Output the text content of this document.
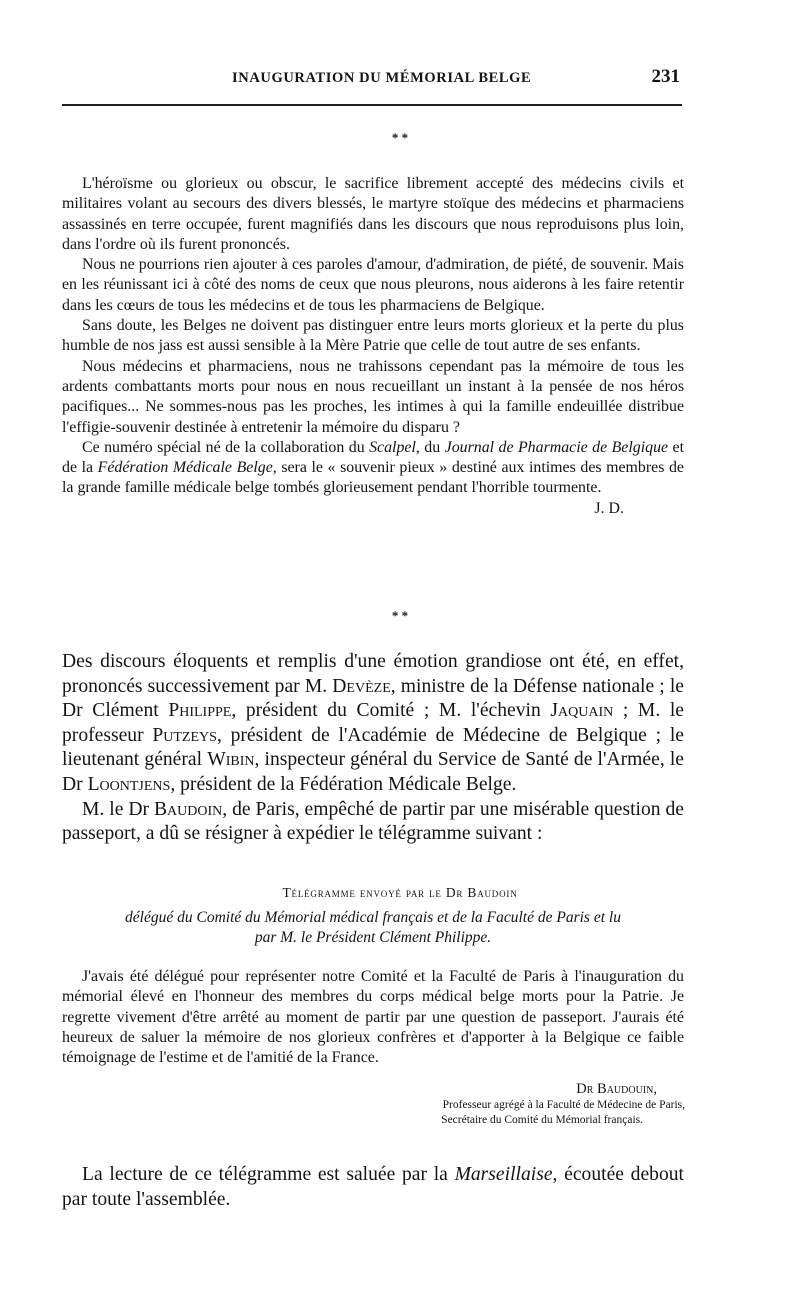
INAUGURATION DU MÉMORIAL BELGE	231
* *

L'héroïsme ou glorieux ou obscur, le sacrifice librement accepté des médecins civils et militaires volant au secours des divers blessés, le martyre stoïque des médecins et pharmaciens assassinés en terre occupée, furent magnifiés dans les discours que nous reproduisons plus loin, dans l'ordre où ils furent prononcés.

Nous ne pourrions rien ajouter à ces paroles d'amour, d'admiration, de piété, de souvenir. Mais en les réunissant ici à côté des noms de ceux que nous pleurons, nous aiderons à les faire retentir dans les cœurs de tous les médecins et de tous les pharmaciens de Belgique.

Sans doute, les Belges ne doivent pas distinguer entre leurs morts glorieux et la perte du plus humble de nos jass est aussi sensible à la Mère Patrie que celle de tout autre de ses enfants.

Nous médecins et pharmaciens, nous ne trahissons cependant pas la mémoire de tous les ardents combattants morts pour nous en nous recueillant un instant à la pensée de nos héros pacifiques... Ne sommes-nous pas les proches, les intimes à qui la famille endeuillée distribue l'effigie-souvenir destinée à entretenir la mémoire du disparu ?

Ce numéro spécial né de la collaboration du Scalpel, du Journal de Pharmacie de Belgique et de la Fédération Médicale Belge, sera le « souvenir pieux » destiné aux intimes des membres de la grande famille médicale belge tombés glorieusement pendant l'horrible tourmente.
J. D.

* *

Des discours éloquents et remplis d'une émotion grandiose ont été, en effet, prononcés successivement par M. Devèze, ministre de la Défense nationale ; le Dr Clément Philippe, président du Comité ; M. l'échevin Jaquain ; M. le professeur Putzeys, président de l'Académie de Médecine de Belgique ; le lieutenant général Wibin, inspecteur général du Service de Santé de l'Armée, le Dr Loontjens, président de la Fédération Médicale Belge.

M. le Dr Baudoin, de Paris, empêché de partir par une misérable question de passeport, a dû se résigner à expédier le télégramme suivant :

Télégramme envoyé par le Dr Baudoin
délégué du Comité du Mémorial médical français et de la Faculté de Paris et lu
par M. le Président Clément Philippe.

J'avais été délégué pour représenter notre Comité et la Faculté de Paris à l'inauguration du mémorial élevé en l'honneur des membres du corps médical belge morts pour la Patrie. Je regrette vivement d'être arrêté au moment de partir par une question de passeport. J'aurais été heureux de saluer la mémoire de nos glorieux confrères et d'apporter à la Belgique ce faible témoignage de l'estime et de l'amitié de la France.

Dr Baudouin,
Professeur agrégé à la Faculté de Médecine de Paris,
Secrétaire du Comité du Mémorial français.

La lecture de ce télégramme est saluée par la Marseillaise, écoutée debout par toute l'assemblée.
